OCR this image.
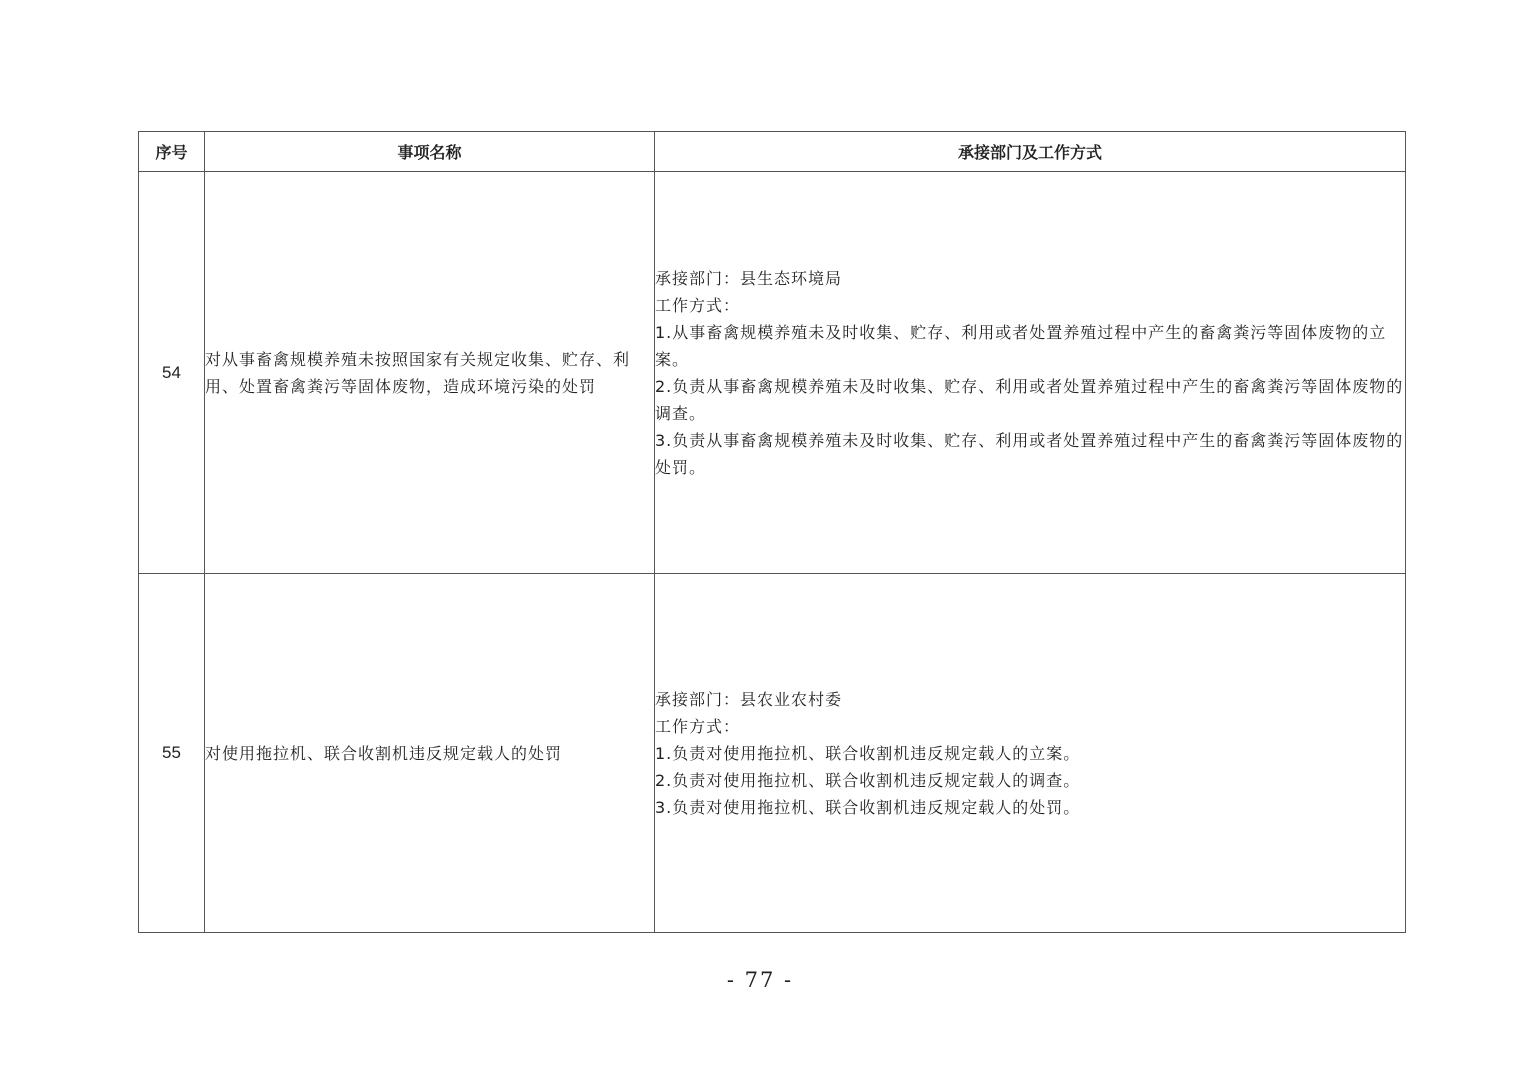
序号	事项名称	承接部门及工作方式
54	对从事畜禽规模养殖未按照国家有关规定收集、贮存、利用、处置畜禽粪污等固体废物，造成环境污染的处罚	承接部门：县生态环境局
工作方式：
1.从事畜禽规模养殖未及时收集、贮存、利用或者处置养殖过程中产生的畜禽粪污等固体废物的立案。
2.负责从事畜禽规模养殖未及时收集、贮存、利用或者处置养殖过程中产生的畜禽粪污等固体废物的调查。
3.负责从事畜禽规模养殖未及时收集、贮存、利用或者处置养殖过程中产生的畜禽粪污等固体废物的处罚。

55	对使用拖拉机、联合收割机违反规定载人的处罚	承接部门：县农业农村委
工作方式：
1.负责对使用拖拉机、联合收割机违反规定载人的立案。
2.负责对使用拖拉机、联合收割机违反规定载人的调查。
3.负责对使用拖拉机、联合收割机违反规定载人的处罚。
- 77 -
